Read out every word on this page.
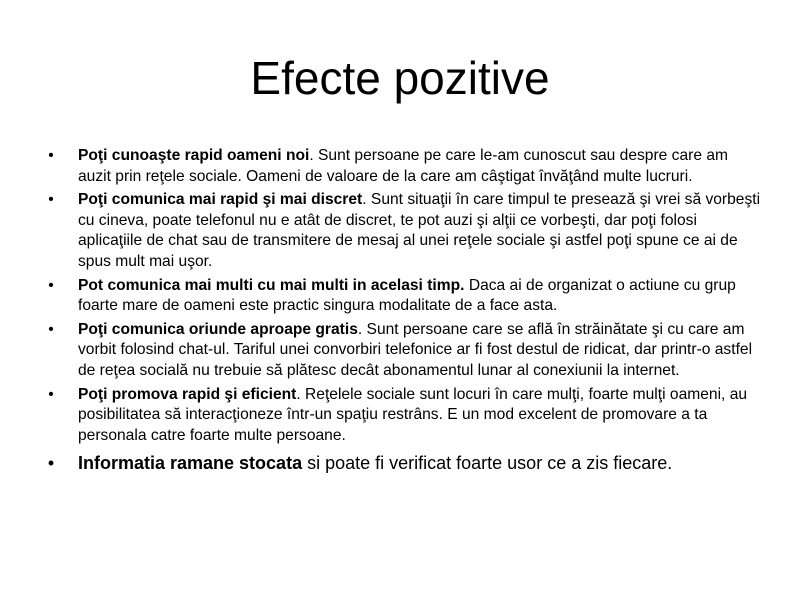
Efecte pozitive
• Poţi cunoaşte rapid oameni noi. Sunt persoane pe care le-am cunoscut sau despre care am auzit prin reţele sociale. Oameni de valoare de la care am câştigat învăţând multe lucruri.
• Poţi comunica mai rapid şi mai discret. Sunt situaţii în care timpul te presează şi vrei să vorbeşti cu cineva, poate telefonul nu e atât de discret, te pot auzi şi alţii ce vorbeşti, dar poţi folosi aplicaţiile de chat sau de transmitere de mesaj al unei reţele sociale şi astfel poţi spune ce ai de spus mult mai uşor.
• Pot comunica mai multi cu mai multi in acelasi timp. Daca ai de organizat o actiune cu grup foarte mare de oameni este practic singura modalitate de a face asta.
• Poţi comunica oriunde aproape gratis. Sunt persoane care se află în străinătate şi cu care am vorbit folosind chat-ul. Tariful unei convorbiri telefonice ar fi fost destul de ridicat, dar printr-o astfel de reţea socială nu trebuie să plătesc decât abonamentul lunar al conexiunii la internet.
• Poţi promova rapid şi eficient. Reţelele sociale sunt locuri în care mulţi, foarte mulţi oameni, au posibilitatea să interacţioneze într-un spaţiu restrâns. E un mod excelent de promovare a ta personala catre foarte multe persoane.
• Informatia ramane stocata si poate fi verificat foarte usor ce a zis fiecare.
